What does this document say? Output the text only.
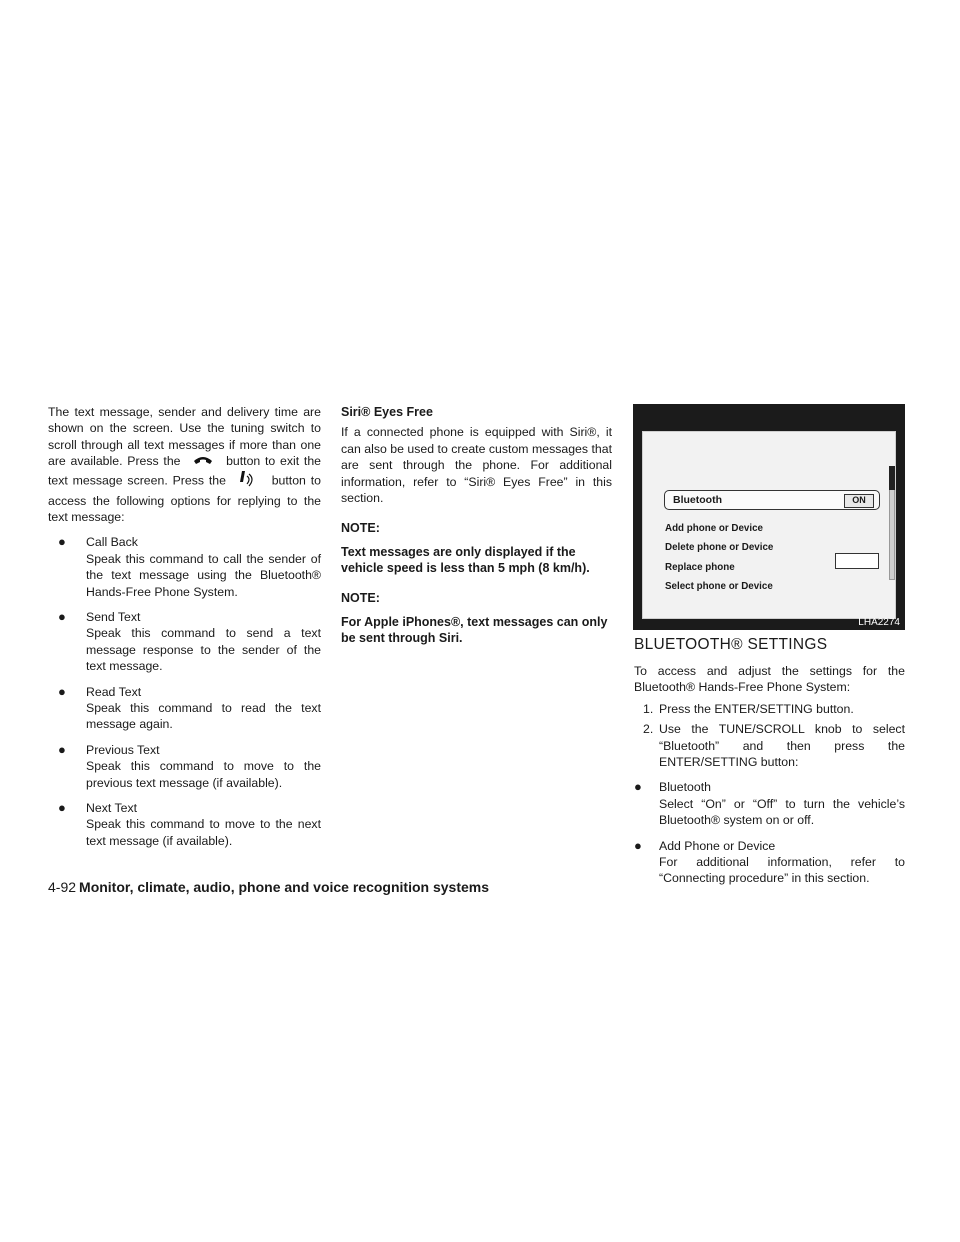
The text message, sender and delivery time are shown on the screen. Use the tuning switch to scroll through all text messages if more than one are available. Press the	button to exit the text message screen. Press the	button to access the following options for replying to the text message:

● Call Back
Speak this command to call the sender of the text message using the Bluetooth® Hands-Free Phone System.
● Send Text
Speak this command to send a text message response to the sender of the text message.
● Read Text
Speak this command to read the text message again.
● Previous Text
Speak this command to move to the previous text message (if available).
● Next Text
Speak this command to move to the next text message (if available).
Siri® Eyes Free

If a connected phone is equipped with Siri®, it can also be used to create custom messages that are sent through the phone. For additional information, refer to “Siri® Eyes Free” in this section.

NOTE:
Text messages are only displayed if the vehicle speed is less than 5 mph (8 km/h).
NOTE:
For Apple iPhones®, text messages can only be sent through Siri.
Bluetooth	ON
Add phone or Device
Delete phone or Device
Replace phone
Select phone or Device
LHA2274
BLUETOOTH® SETTINGS

To access and adjust the settings for the Bluetooth® Hands-Free Phone System:

1. Press the ENTER/SETTING button.
2. Use the TUNE/SCROLL knob to select “Bluetooth” and then press the ENTER/SETTING button:
● Bluetooth
Select “On” or “Off” to turn the vehicle’s Bluetooth® system on or off.
● Add Phone or Device
For additional information, refer to “Connecting procedure” in this section.
4-92 Monitor, climate, audio, phone and voice recognition systems
